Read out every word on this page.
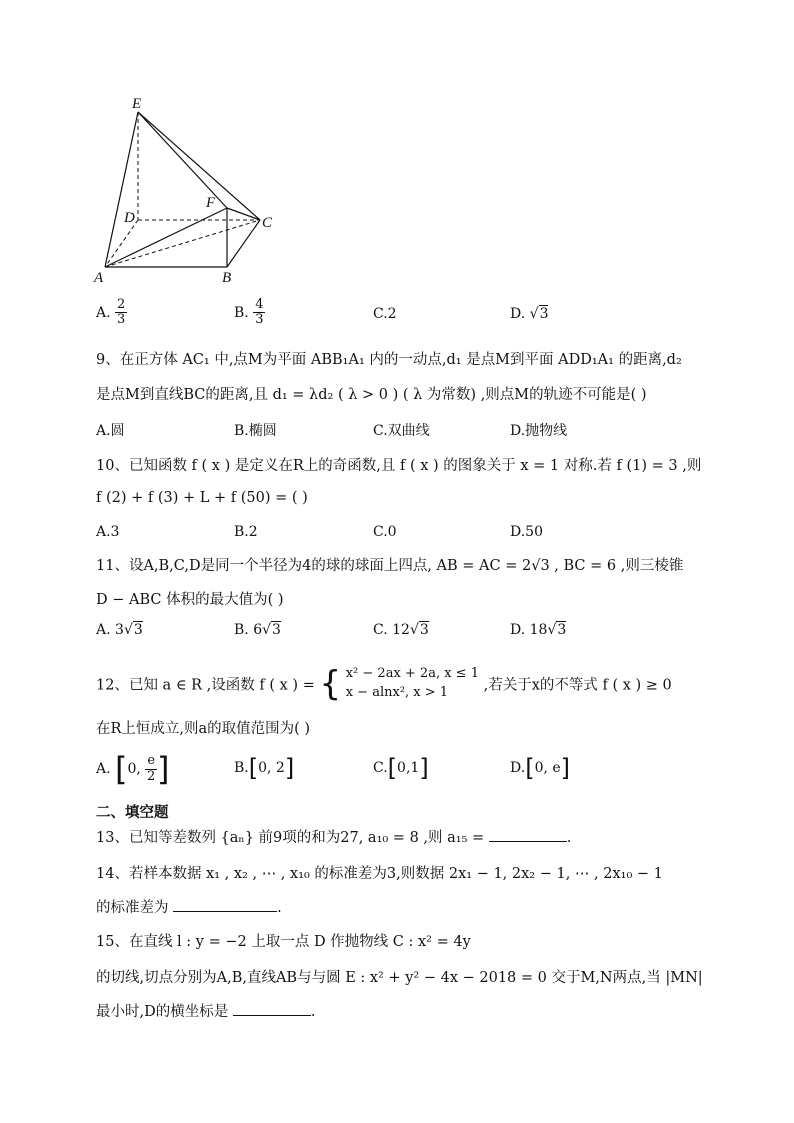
E
D
F
C
A	B
A. $\frac{2}{3}$	B. $\frac{4}{3}$	C.2	D. √3
9、在正方体 AC₁ 中,点M为平面 ABB₁A₁ 内的一动点,d₁ 是点M到平面 ADD₁A₁ 的距离,d₂
是点M到直线BC的距离,且 d₁ = λd₂ ( λ > 0 ) ( λ 为常数) ,则点M的轨迹不可能是( )
A.圆	B.椭圆	C.双曲线	D.抛物线
10、已知函数 f ( x ) 是定义在R上的奇函数,且 f ( x ) 的图象关于 x = 1 对称.若 f (1) = 3 ,则
f (2) + f (3) + L + f (50) = ( )
A.3	B.2	C.0	D.50
11、设A,B,C,D是同一个半径为4的球的球面上四点, AB = AC = 2√3 , BC = 6 ,则三棱锥
D − ABC 体积的最大值为( )
A. 3√3	B. 6√3	C. 12√3	D. 18√3
12、已知 a ∈ R ,设函数 f ( x ) = { x² − 2ax + 2a, x ≤ 1
x − alnx², x > 1	,若关于x的不等式 f ( x ) ≥ 0
在R上恒成立,则a的取值范围为( )
A. [0, $\frac{e}{2}$ ]	B.[0, 2]	C.[0,1]	D.[0, e]
二、填空题
13、已知等差数列 {aₙ} 前9项的和为27, a₁₀ = 8 ,则 a₁₅ =	.
14、若样本数据 x₁ , x₂ , ⋯ , x₁₀ 的标准差为3,则数据 2x₁ − 1, 2x₂ − 1, ⋯ , 2x₁₀ − 1
的标准差为	.
15、在直线 l : y = −2 上取一点 D 作抛物线 C : x² = 4y
的切线,切点分别为A,B,直线AB与与圆 E : x² + y² − 4x − 2018 = 0 交于M,N两点,当 |MN|
最小时,D的横坐标是	.
